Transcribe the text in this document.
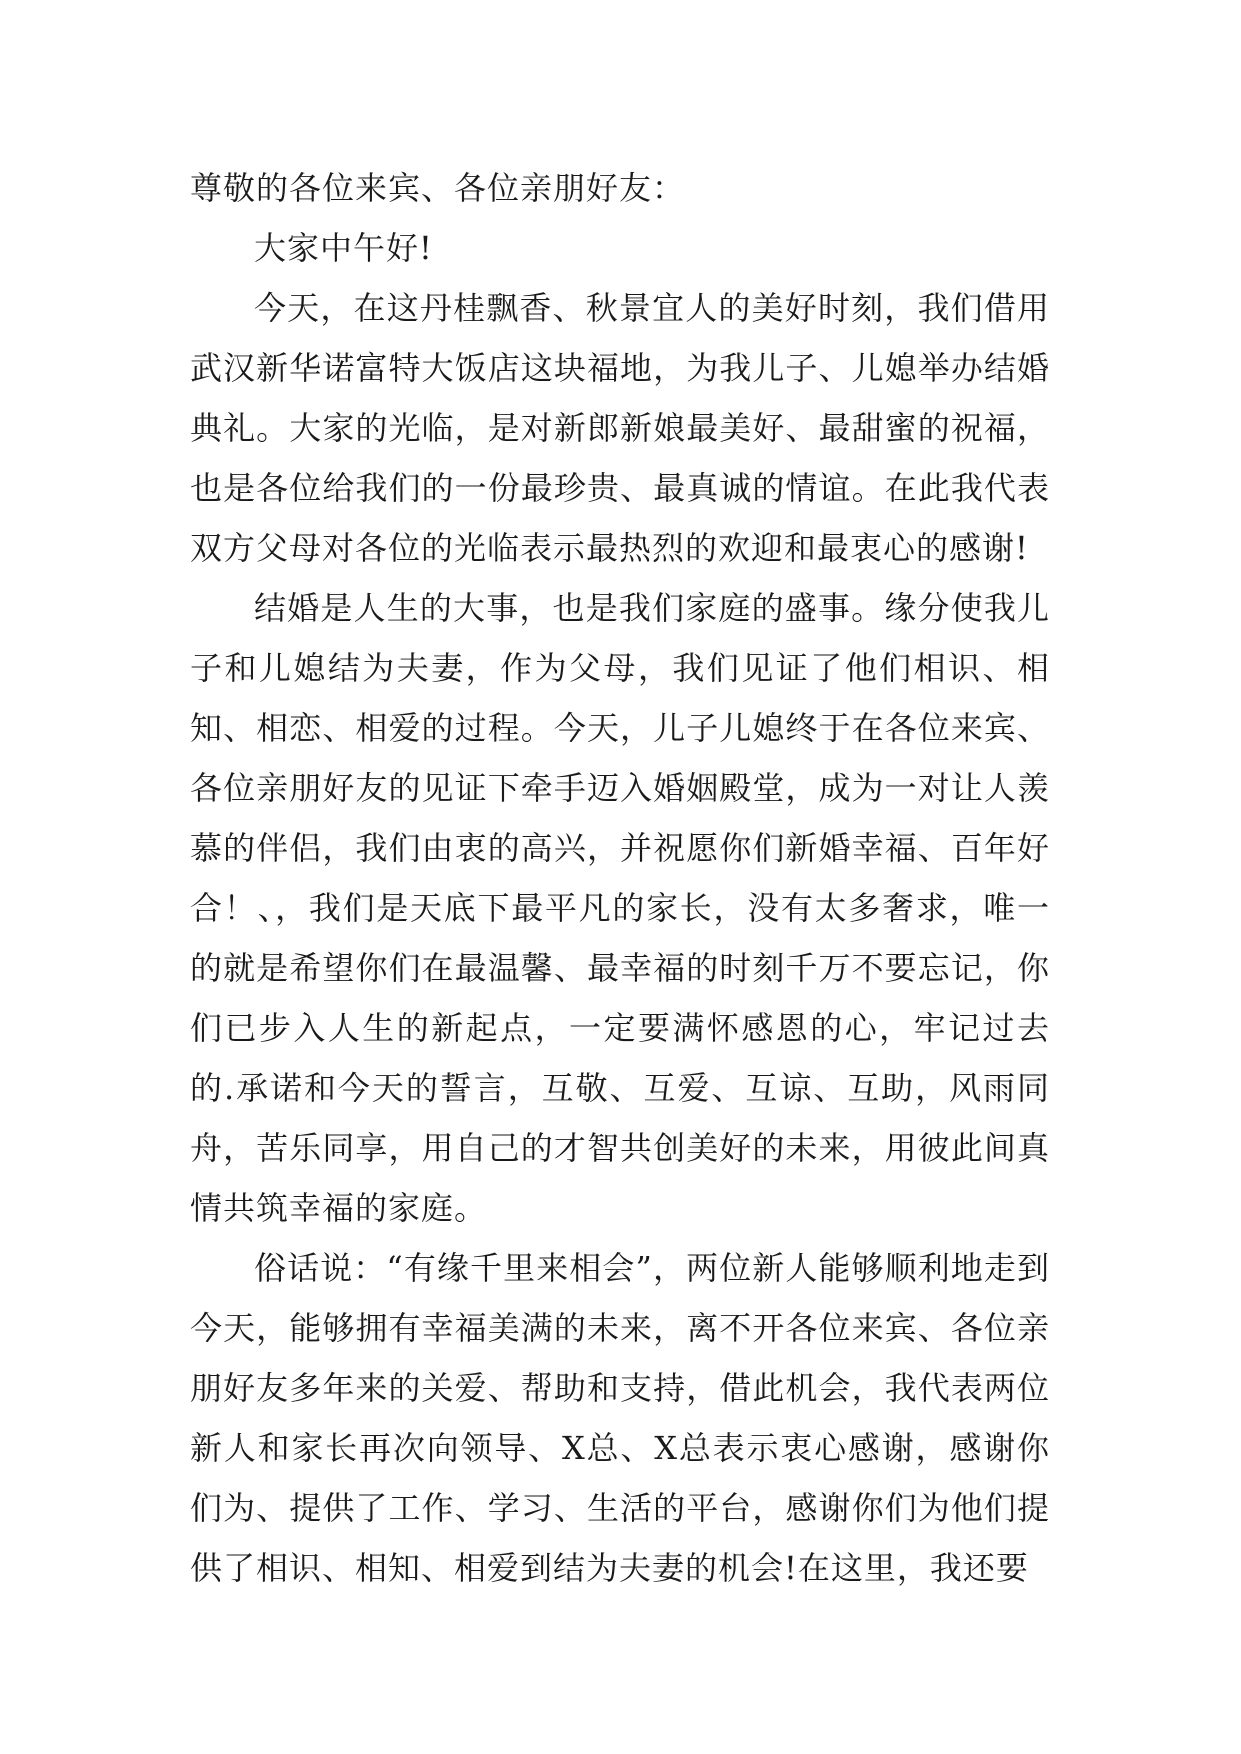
尊敬的各位来宾、各位亲朋好友：

大家中午好!

今天，在这丹桂飘香、秋景宜人的美好时刻，我们借用武汉新华诺富特大饭店这块福地，为我儿子、儿媳举办结婚典礼。大家的光临，是对新郎新娘最美好、最甜蜜的祝福，也是各位给我们的一份最珍贵、最真诚的情谊。在此我代表双方父母对各位的光临表示最热烈的欢迎和最衷心的感谢!

结婚是人生的大事，也是我们家庭的盛事。缘分使我儿子和儿媳结为夫妻，作为父母，我们见证了他们相识、相知、相恋、相爱的过程。今天，儿子儿媳终于在各位来宾、各位亲朋好友的见证下牵手迈入婚姻殿堂，成为一对让人羡慕的伴侣，我们由衷的高兴，并祝愿你们新婚幸福、百年好合！、，我们是天底下最平凡的家长，没有太多奢求，唯一的就是希望你们在最温馨、最幸福的时刻千万不要忘记，你们已步入人生的新起点，一定要满怀感恩的心，牢记过去的.承诺和今天的誓言，互敬、互爱、互谅、互助，风雨同舟，苦乐同享，用自己的才智共创美好的未来，用彼此间真情共筑幸福的家庭。

俗话说：“有缘千里来相会”，两位新人能够顺利地走到今天，能够拥有幸福美满的未来，离不开各位来宾、各位亲朋好友多年来的关爱、帮助和支持，借此机会，我代表两位新人和家长再次向领导、X总、X总表示衷心感谢，感谢你们为、提供了工作、学习、生活的平台，感谢你们为他们提供了相识、相知、相爱到结为夫妻的机会!在这里，我还要
